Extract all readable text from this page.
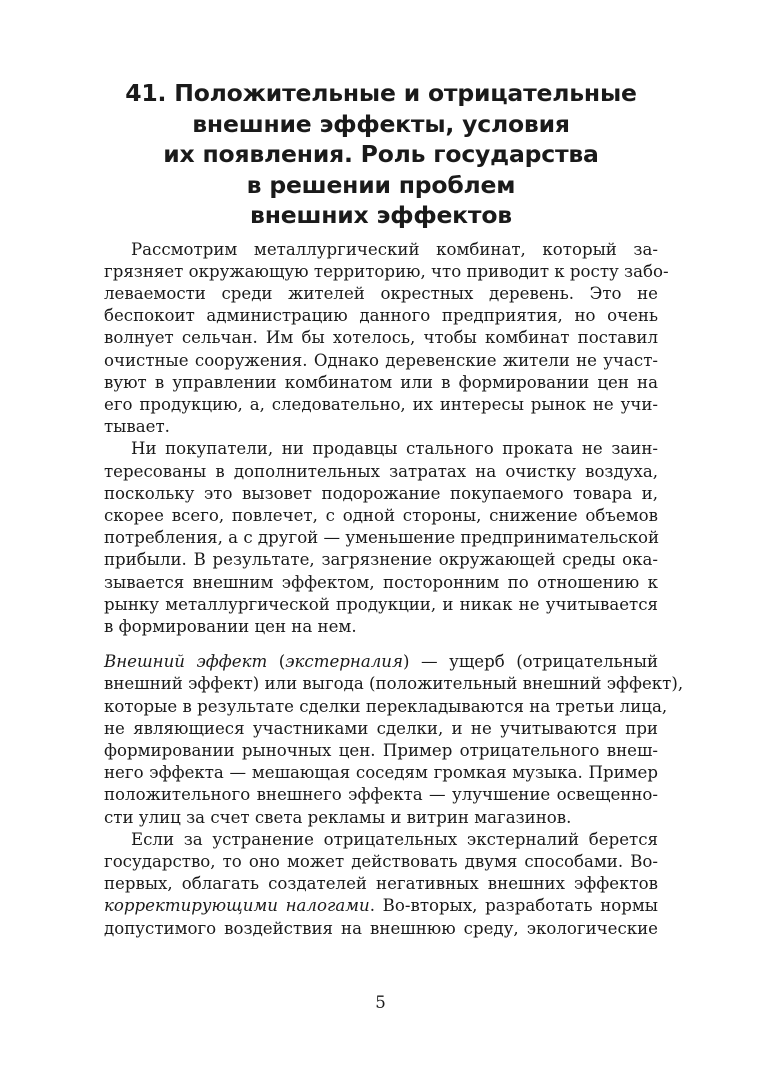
41. Положительные и отрицательные
внешние эффекты, условия
их появления. Роль государства
в решении проблем
внешних эффектов
Рассмотрим металлургический комбинат, который за-
грязняет окружающую территорию, что приводит к росту забо-
леваемости среди жителей окрестных деревень. Это не
беспокоит администрацию данного предприятия, но очень
волнует сельчан. Им бы хотелось, чтобы комбинат поставил
очистные сооружения. Однако деревенские жители не участ-
вуют в управлении комбинатом или в формировании цен на
его продукцию, а, следовательно, их интересы рынок не учи-
тывает.
Ни покупатели, ни продавцы стального проката не заин-
тересованы в дополнительных затратах на очистку воздуха,
поскольку это вызовет подорожание покупаемого товара и,
скорее всего, повлечет, с одной стороны, снижение объемов
потребления, а с другой — уменьшение предпринимательской
прибыли. В результате, загрязнение окружающей среды ока-
зывается внешним эффектом, посторонним по отношению к
рынку металлургической продукции, и никак не учитывается
в формировании цен на нем.
Внешний эффект (экстерналия) — ущерб (отрицательный
внешний эффект) или выгода (положительный внешний эффект),
которые в результате сделки перекладываются на третьи лица,
не являющиеся участниками сделки, и не учитываются при
формировании рыночных цен. Пример отрицательного внеш-
него эффекта — мешающая соседям громкая музыка. Пример
положительного внешнего эффекта — улучшение освещенно-
сти улиц за счет света рекламы и витрин магазинов.
Если за устранение отрицательных экстерналий берется
государство, то оно может действовать двумя способами. Во-
первых, облагать создателей негативных внешних эффектов
корректирующими налогами. Во-вторых, разработать нормы
допустимого воздействия на внешнюю среду, экологические
5
